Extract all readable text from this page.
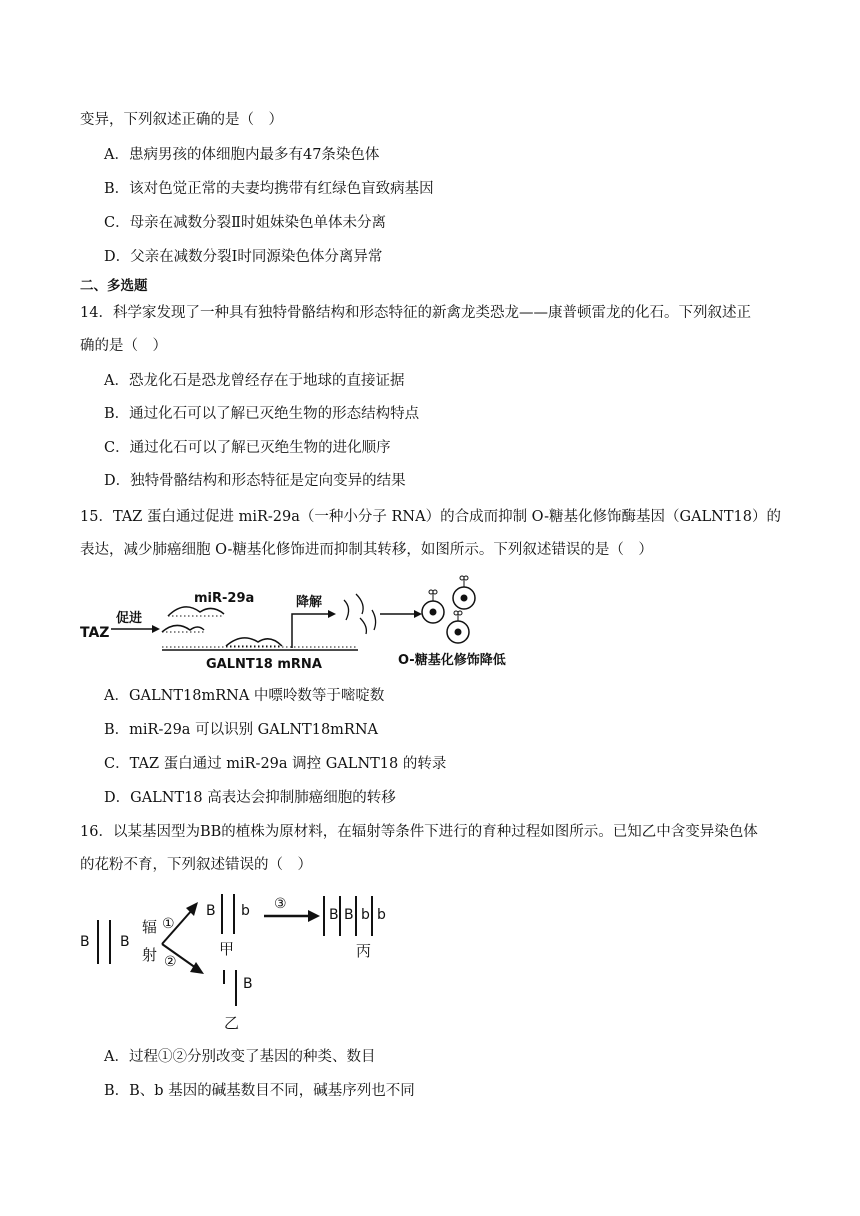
变异，下列叙述正确的是（　）
A．患病男孩的体细胞内最多有47条染色体
B．该对色觉正常的夫妻均携带有红绿色盲致病基因
C．母亲在减数分裂Ⅱ时姐妹染色单体未分离
D．父亲在减数分裂Ⅰ时同源染色体分离异常
二、多选题
14．科学家发现了一种具有独特骨骼结构和形态特征的新禽龙类恐龙——康普顿雷龙的化石。下列叙述正
确的是（　）
A．恐龙化石是恐龙曾经存在于地球的直接证据
B．通过化石可以了解已灭绝生物的形态结构特点
C．通过化石可以了解已灭绝生物的进化顺序
D．独特骨骼结构和形态特征是定向变异的结果
15．TAZ 蛋白通过促进 miR-29a（一种小分子 RNA）的合成而抑制 O-糖基化修饰酶基因（GALNT18）的
表达，减少肺癌细胞 O-糖基化修饰进而抑制其转移，如图所示。下列叙述错误的是（　）
TAZ
促进
miR-29a
GALNT18 mRNA
降解
O-糖基化修饰降低
A．GALNT18mRNA 中嘌呤数等于嘧啶数
B．miR-29a 可以识别 GALNT18mRNA
C．TAZ 蛋白通过 miR-29a 调控 GALNT18 的转录
D．GALNT18 高表达会抑制肺癌细胞的转移
16．以某基因型为BB的植株为原材料，在辐射等条件下进行的育种过程如图所示。已知乙中含变异染色体
的花粉不育，下列叙述错误的（　）
B B
辐
射
①
②
B b
甲
③
B B b b
丙
B
乙
A．过程①②分别改变了基因的种类、数目
B．B、b 基因的碱基数目不同，碱基序列也不同
